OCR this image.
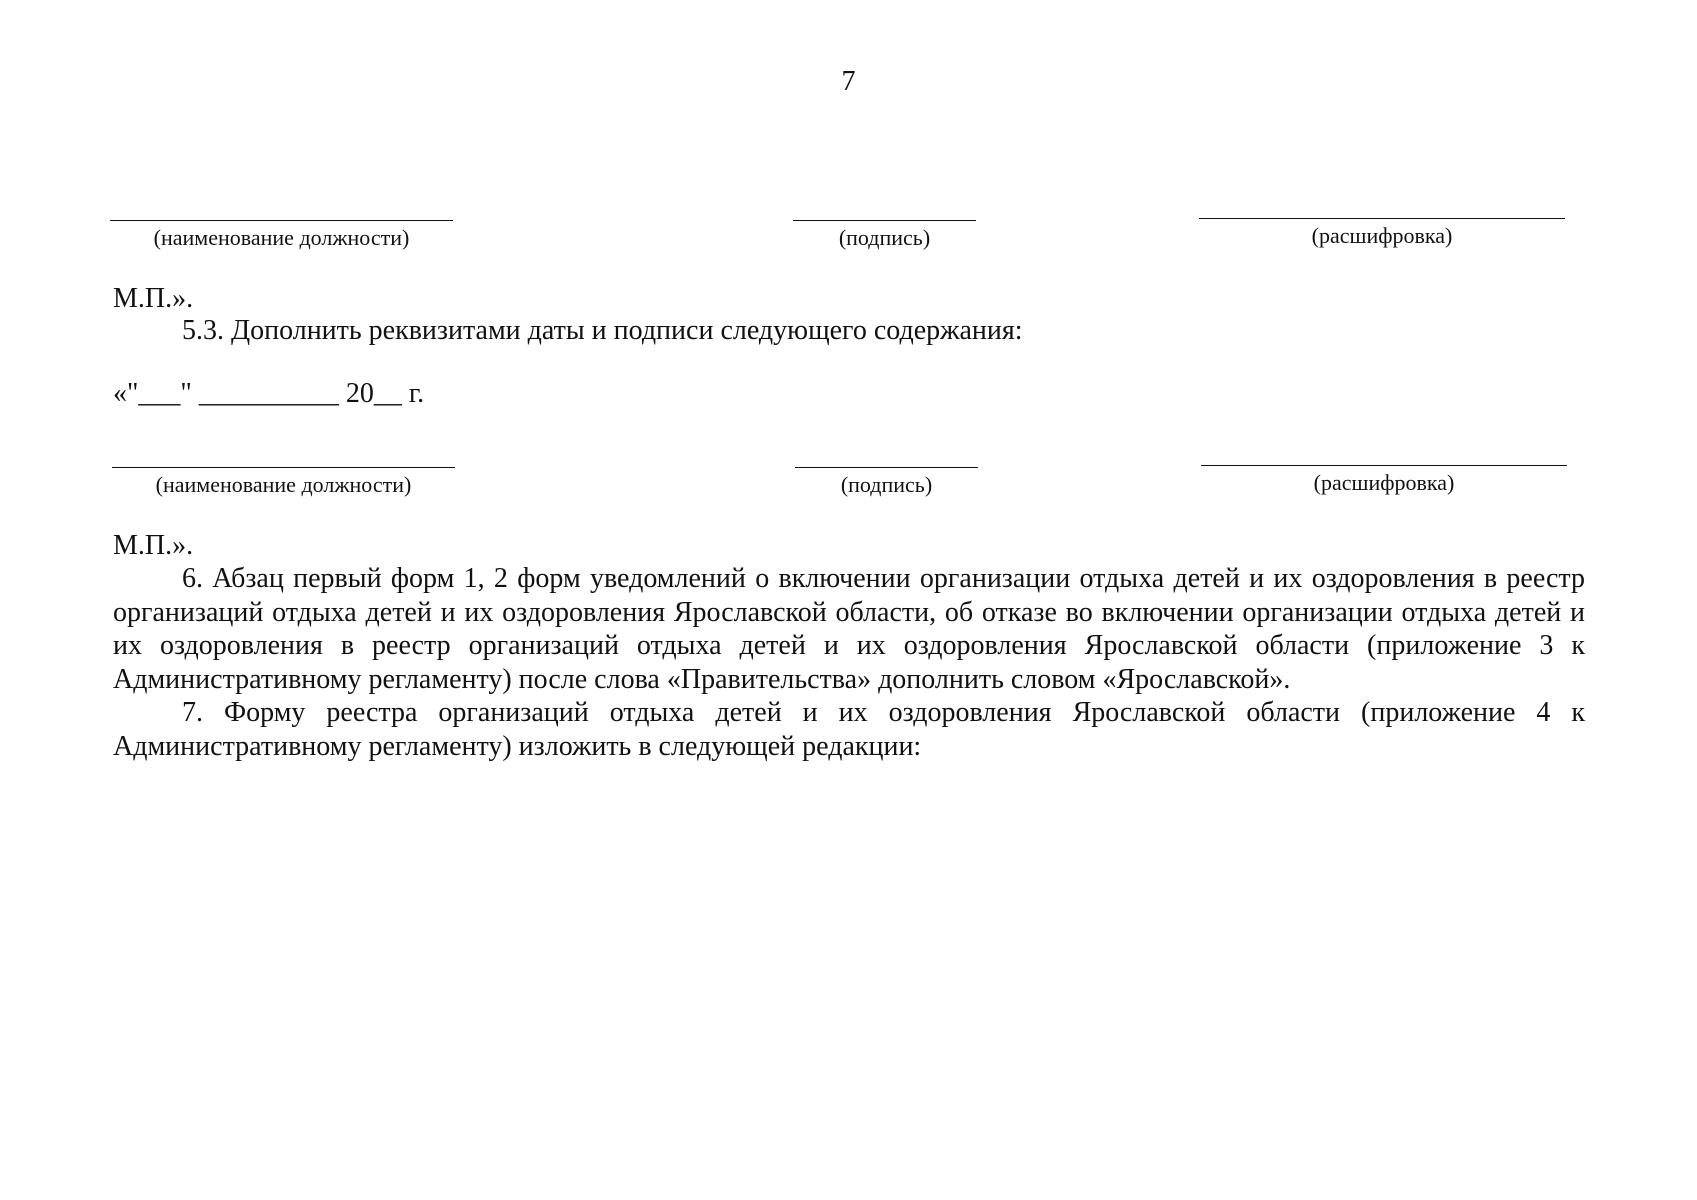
7
(наименование должности)	(подпись)	(расшифровка)
М.П.».
5.3. Дополнить реквизитами даты и подписи следующего содержания:
«"___" __________ 20__ г.
(наименование должности)	(подпись)	(расшифровка)
М.П.».

6. Абзац первый форм 1, 2 форм уведомлений о включении организации отдыха детей и их оздоровления в реестр организаций отдыха детей и их оздоровления Ярославской области, об отказе во включении организации отдыха детей и их оздоровления в реестр организаций отдыха детей и их оздоровления Ярославской области (приложение 3 к Административному регламенту) после слова «Правительства» дополнить словом «Ярославской».

7. Форму реестра организаций отдыха детей и их оздоровления Ярославской области (приложение 4 к Административному регламенту) изложить в следующей редакции:
